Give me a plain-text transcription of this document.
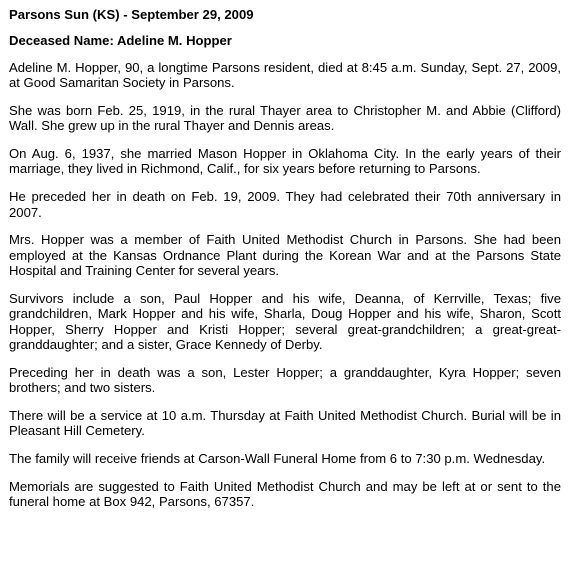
Parsons Sun (KS) - September 29, 2009
Deceased Name: Adeline M. Hopper
Adeline M. Hopper, 90, a longtime Parsons resident, died at 8:45 a.m. Sunday, Sept. 27, 2009, at Good Samaritan Society in Parsons.
She was born Feb. 25, 1919, in the rural Thayer area to Christopher M. and Abbie (Clifford) Wall. She grew up in the rural Thayer and Dennis areas.
On Aug. 6, 1937, she married Mason Hopper in Oklahoma City. In the early years of their marriage, they lived in Richmond, Calif., for six years before returning to Parsons.
He preceded her in death on Feb. 19, 2009. They had celebrated their 70th anniversary in 2007.
Mrs. Hopper was a member of Faith United Methodist Church in Parsons. She had been employed at the Kansas Ordnance Plant during the Korean War and at the Parsons State Hospital and Training Center for several years.
Survivors include a son, Paul Hopper and his wife, Deanna, of Kerrville, Texas; five grandchildren, Mark Hopper and his wife, Sharla, Doug Hopper and his wife, Sharon, Scott Hopper, Sherry Hopper and Kristi Hopper; several great-grandchildren; a great-great-granddaughter; and a sister, Grace Kennedy of Derby.
Preceding her in death was a son, Lester Hopper; a granddaughter, Kyra Hopper; seven brothers; and two sisters.
There will be a service at 10 a.m. Thursday at Faith United Methodist Church. Burial will be in Pleasant Hill Cemetery.
The family will receive friends at Carson-Wall Funeral Home from 6 to 7:30 p.m. Wednesday.
Memorials are suggested to Faith United Methodist Church and may be left at or sent to the funeral home at Box 942, Parsons, 67357.
